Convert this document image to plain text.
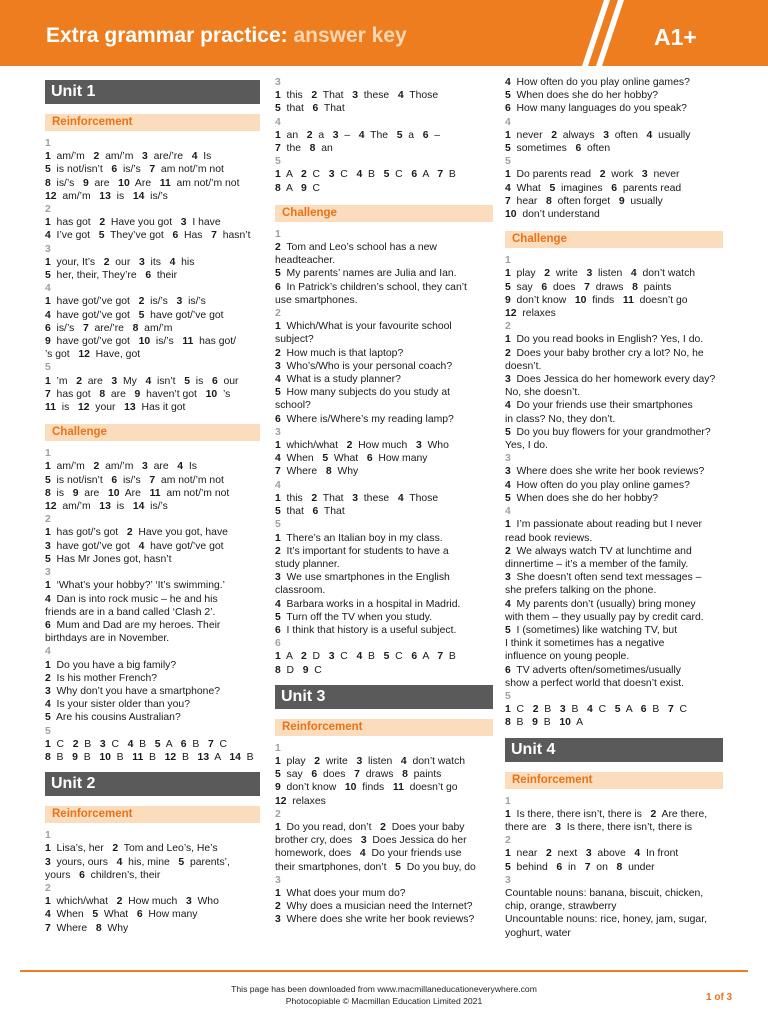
Extra grammar practice: answer key	A1+
Unit 1
Reinforcement
1
1  am/’m   2  am/’m   3  are/’re   4  Is
5  is not/isn’t   6  is/’s   7  am not/’m not
8  is/’s   9  are   10  Are   11  am not/’m not
12  am/’m   13  is   14  is/’s
2
1  has got   2  Have you got   3  I have
4  I’ve got   5  They’ve got   6  Has   7  hasn’t
3
1  your, It’s   2  our   3  its   4  his
5  her, their, They’re   6  their
4
1  have got/’ve got   2  is/’s   3  is/’s
4  have got/’ve got   5  have got/’ve got
6  is/’s   7  are/’re   8  am/’m
9  have got/’ve got   10  is/’s   11  has got/
’s got   12  Have, got
5
1  ’m   2  are   3  My   4  isn’t   5  is   6  our
7  has got   8  are   9  haven’t got   10  ’s
11  is   12  your   13  Has it got
Challenge
1
1  am/’m   2  am/’m   3  are   4  Is
5  is not/isn’t   6  is/’s   7  am not/’m not
8  is   9  are   10  Are   11  am not/’m not
12  am/’m   13  is   14  is/’s
2
1  has got/’s got   2  Have you got, have
3  have got/’ve got   4  have got/’ve got
5  Has Mr Jones got, hasn’t
3
1  ‘What’s your hobby?’ ‘It’s swimming.’
4  Dan is into rock music – he and his
friends are in a band called ‘Clash 2’.
6  Mum and Dad are my heroes. Their
birthdays are in November.
4
1  Do you have a big family?
2  Is his mother French?
3  Why don’t you have a smartphone?
4  Is your sister older than you?
5  Are his cousins Australian?
5
1  C   2  B   3  C   4  B   5  A   6  B   7  C
8  B   9  B   10  B   11  B   12  B   13  A   14  B
Unit 2
Reinforcement
1
1  Lisa’s, her   2  Tom and Leo’s, He’s
3  yours, ours   4  his, mine   5  parents’,
yours   6  children’s, their
2
1  which/what   2  How much   3  Who
4  When   5  What   6  How many
7  Where   8  Why
3
1  this   2  That   3  these   4  Those
5  that   6  That
4
1  an   2  a   3  –   4  The   5  a   6  –
7  the   8  an
5
1  A   2  C   3  C   4  B   5  C   6  A   7  B
8  A   9  C
Challenge
1
2  Tom and Leo’s school has a new
headteacher.
5  My parents’ names are Julia and Ian.
6  In Patrick’s children’s school, they can’t
use smartphones.
2
1  Which/What is your favourite school
subject?
2  How much is that laptop?
3  Who’s/Who is your personal coach?
4  What is a study planner?
5  How many subjects do you study at
school?
6  Where is/Where’s my reading lamp?
3
1  which/what   2  How much   3  Who
4  When   5  What   6  How many
7  Where   8  Why
4
1  this   2  That   3  these   4  Those
5  that   6  That
5
1  There’s an Italian boy in my class.
2  It’s important for students to have a
study planner.
3  We use smartphones in the English
classroom.
4  Barbara works in a hospital in Madrid.
5  Turn off the TV when you study.
6  I think that history is a useful subject.
6
1  A   2  D   3  C   4  B   5  C   6  A   7  B
8  D   9  C
Unit 3
Reinforcement
1
1  play   2  write   3  listen   4  don’t watch
5  say   6  does   7  draws   8  paints
9  don’t know   10  finds   11  doesn’t go
12  relaxes
2
1  Do you read, don’t   2  Does your baby
brother cry, does   3  Does Jessica do her
homework, does   4  Do your friends use
their smartphones, don’t   5  Do you buy, do
3
1  What does your mum do?
2  Why does a musician need the Internet?
3  Where does she write her book reviews?
4  How often do you play online games?
5  When does she do her hobby?
6  How many languages do you speak?
4
1  never   2  always   3  often   4  usually
5  sometimes   6  often
5
1  Do parents read   2  work   3  never
4  What   5  imagines   6  parents read
7  hear   8  often forget   9  usually
10  don’t understand
Challenge
1
1  play   2  write   3  listen   4  don’t watch
5  say   6  does   7  draws   8  paints
9  don’t know   10  finds   11  doesn’t go
12  relaxes
2
1  Do you read books in English? Yes, I do.
2  Does your baby brother cry a lot? No, he
doesn’t.
3  Does Jessica do her homework every day?
No, she doesn’t.
4  Do your friends use their smartphones
in class? No, they don’t.
5  Do you buy flowers for your grandmother?
Yes, I do.
3
3  Where does she write her book reviews?
4  How often do you play online games?
5  When does she do her hobby?
4
1  I’m passionate about reading but I never
read book reviews.
2  We always watch TV at lunchtime and
dinnertime – it’s a member of the family.
3  She doesn’t often send text messages –
she prefers talking on the phone.
4  My parents don’t (usually) bring money
with them – they usually pay by credit card.
5  I (sometimes) like watching TV, but
I think it sometimes has a negative
influence on young people.
6  TV adverts often/sometimes/usually
show a perfect world that doesn’t exist.
5
1  C   2  B   3  B   4  C   5  A   6  B   7  C
8  B   9  B   10  A
Unit 4
Reinforcement
1
1  Is there, there isn’t, there is   2  Are there,
there are   3  Is there, there isn’t, there is
2
1  near   2  next   3  above   4  In front
5  behind   6  in   7  on   8  under
3
Countable nouns: banana, biscuit, chicken,
chip, orange, strawberry
Uncountable nouns: rice, honey, jam, sugar,
yoghurt, water
This page has been downloaded from www.macmillaneducationeverywhere.com
Photocopiable © Macmillan Education Limited 2021	1 of 3
